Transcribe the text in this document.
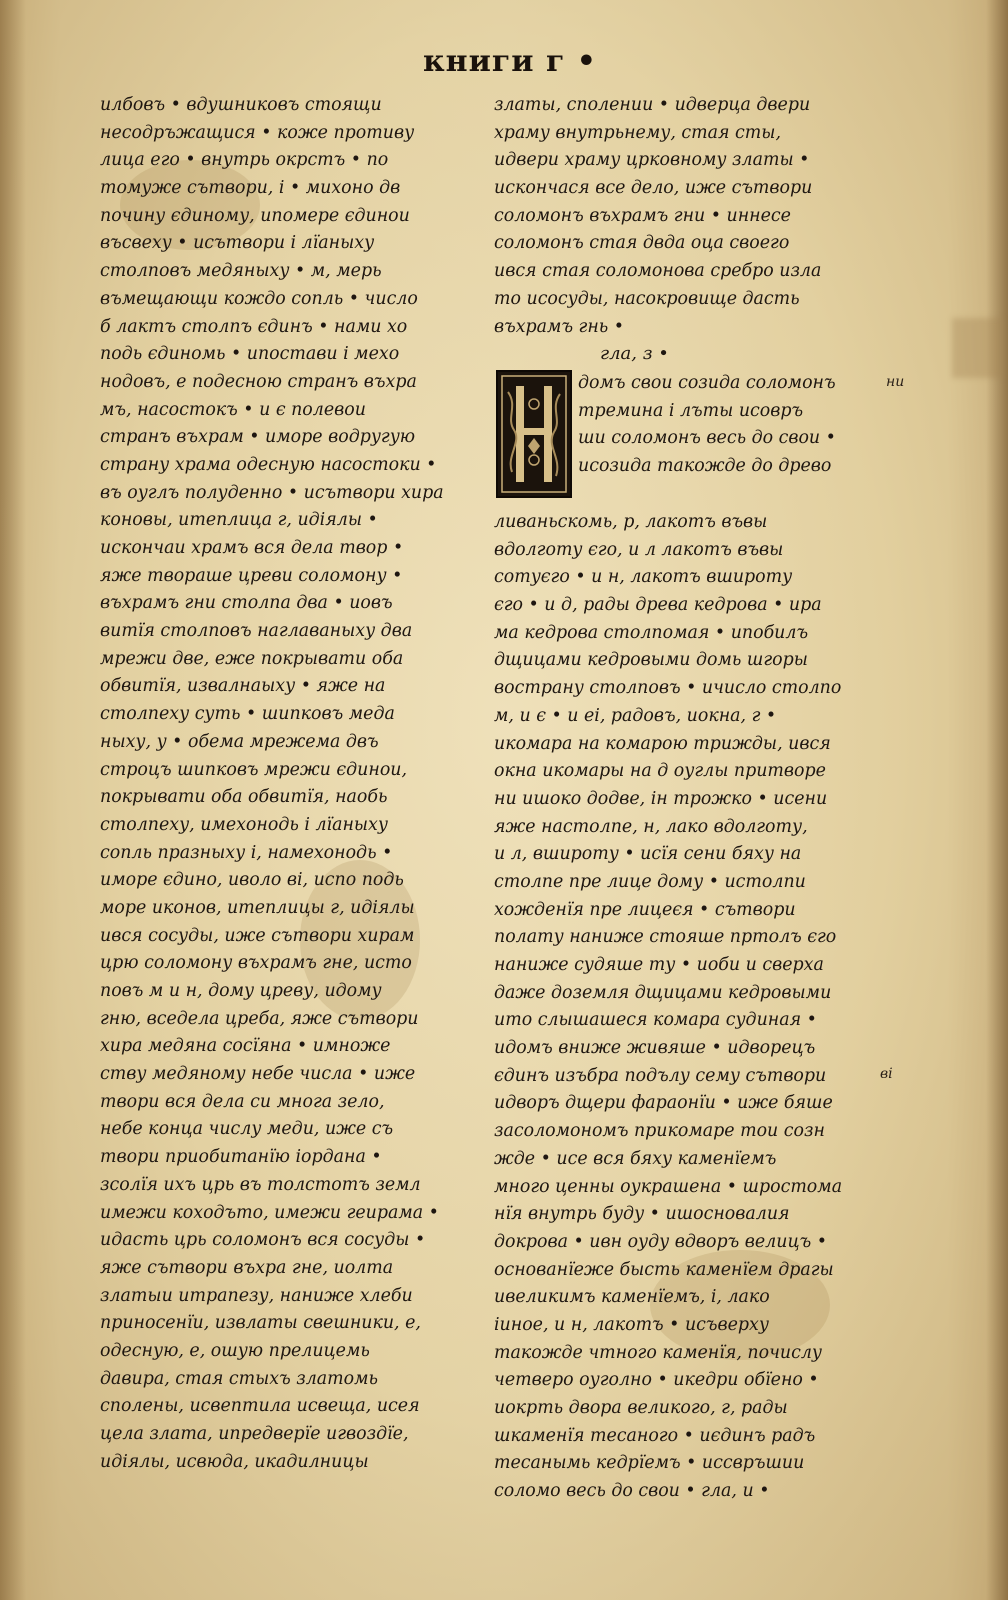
книги г •
илбовъ • вдушниковъ стоящи
несодръжащися • коже противу
лица его • внутрь окрстъ • по
томуже сътвори, і • михоно дв
почину єдиному, ипомере єдинои
въсвеху • исътвори і лїаныху
столповъ медяныху • м, мерь
въмещающи кождо сопль • число
б лактъ столпъ єдинъ • нами хо
подь єдиномь • ипостави і мехо
нодовъ, е подесною странъ въхра
мъ, насостокъ • и є полевои
странъ въхрам • иморе водругую
страну храма одесную насостоки •
въ оуглъ полуденно • исътвори хира
коновы, итеплица г, идіялы •
искончаи храмъ вся дела твор •
яже твораше цреви соломону •
въхрамъ гни столпа два • иовъ
витїя столповъ наглаваныху два
мрежи две, еже покрывати оба
обвитїя, извалнаыху • яже на
столпеху суть • шипковъ меда
ныху, у • обема мрежема двъ
строцъ шипковъ мрежи єдинои,
покрывати оба обвитїя, наобь
столпеху, имехонодь і лїаныху
сопль празныху і, намехонодь •
иморе єдино, иволо ві, испо подь
море иконов, итеплицы г, идіялы
ився сосуды, иже сътвори хирам
црю соломону въхрамъ гне, исто
повъ м и н, дому цреву, идому
гню, вседела цреба, яже сътвори
хира медяна сосїяна • имноже
ству медяному небе числа • иже
твори вся дела си многа зело,
небе конца числу меди, иже съ
твори приобитанїю іордана •
зсолїя ихъ црь въ толстотъ земл
имежи коходъто, имежи геирама •
идасть црь соломонъ вся сосуды •
яже сътвори въхра гне, иолта
златыи итрапезу, наниже хлеби
приносенїи, извлаты свешники, е,
одесную, е, ошую прелицемь
давира, стая стыхъ златомь
сполены, исвептила исвеща, исея
цела злата, ипредверїе игвоздїе,
идіялы, исвюда, икадилницы
златы, сполении • идверца двери
храму внутрьнему, стая сты,
идвери храму црковному златы •
искончася все дело, иже сътвори
соломонъ въхрамъ гни • иннесе
соломонъ стая двда оца своего
ився стая соломонова сребро изла
то исосуды, насокровище дасть
въхрамъ гнь •
гла, з •
домъ свои созида соломонъ
тремина і лъты исовръ
ши соломонъ весь до свои •
исозида такожде до древо
ливаньскомь, р, лакотъ въвы
вдолготу єго, и л лакотъ въвы
сотуєго • и н, лакотъ вшироту
єго • и д, рады древа кедрова • ира
ма кедрова столпомая • ипобилъ
дщицами кедровыми домь шгоры
вострану столповъ • ичисло столпо
м, и є • и еі, радовъ, иокна, г •
икомара на комарою трижды, ився
окна икомары на д оуглы притворе
ни ишоко додве, ін трожко • исени
яже настолпе, н, лако вдолготу,
и л, вшироту • исїя сени бяху на
столпе пре лице дому • истолпи
хожденїя пре лицеєя • сътвори
полату наниже стояше пртолъ єго
наниже судяше ту • иоби и сверха
даже доземля дщицами кедровыми
ито слышашеся комара судиная •
идомъ вниже живяше • идворецъ
єдинъ изъбра подълу сему сътвори
идворъ дщери фараонїи • иже бяше
засоломономъ прикомаре тои созн
жде • исе вся бяху каменїемъ
много ценны оукрашена • шростома
нїя внутрь буду • ишосновалия
докрова • ивн оуду вдворъ велицъ •
основанїеже бысть каменїем драгы
ивеликимъ каменїемъ, і, лако
іиное, и н, лакотъ • исъверху
такожде чтного каменїя, почислу
четверо оуголно • икедри обїено •
иокрть двора великого, г, рады
шкаменїя тесаного • иєдинъ радъ
тесанымь кедрїемъ • иссвръшии
соломо весь до свои • гла, и •
ни
ві
